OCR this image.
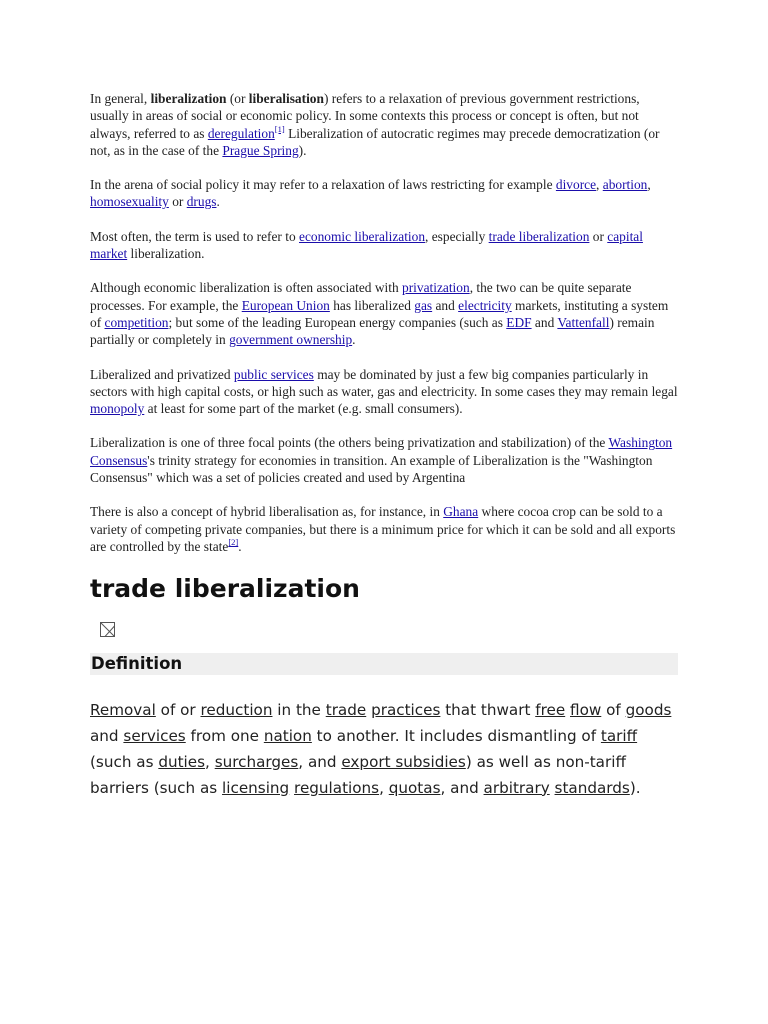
In general, liberalization (or liberalisation) refers to a relaxation of previous government restrictions, usually in areas of social or economic policy. In some contexts this process or concept is often, but not always, referred to as deregulation[1] Liberalization of autocratic regimes may precede democratization (or not, as in the case of the Prague Spring).

In the arena of social policy it may refer to a relaxation of laws restricting for example divorce, abortion, homosexuality or drugs.

Most often, the term is used to refer to economic liberalization, especially trade liberalization or capital market liberalization.

Although economic liberalization is often associated with privatization, the two can be quite separate processes. For example, the European Union has liberalized gas and electricity markets, instituting a system of competition; but some of the leading European energy companies (such as EDF and Vattenfall) remain partially or completely in government ownership.

Liberalized and privatized public services may be dominated by just a few big companies particularly in sectors with high capital costs, or high such as water, gas and electricity. In some cases they may remain legal monopoly at least for some part of the market (e.g. small consumers).

Liberalization is one of three focal points (the others being privatization and stabilization) of the Washington Consensus's trinity strategy for economies in transition. An example of Liberalization is the "Washington Consensus" which was a set of policies created and used by Argentina

There is also a concept of hybrid liberalisation as, for instance, in Ghana where cocoa crop can be sold to a variety of competing private companies, but there is a minimum price for which it can be sold and all exports are controlled by the state[2].

trade liberalization
Definition
Removal of or reduction in the trade practices that thwart free flow of goods and services from one nation to another. It includes dismantling of tariff (such as duties, surcharges, and export subsidies) as well as non-tariff barriers (such as licensing regulations, quotas, and arbitrary standards).
